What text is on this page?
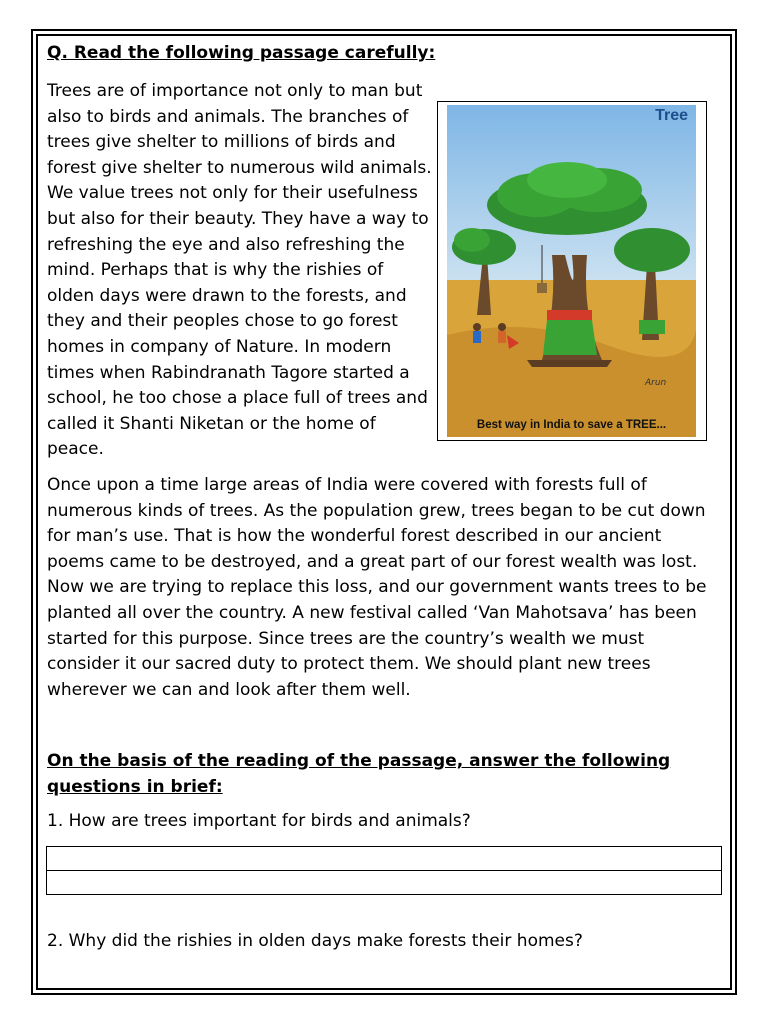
Q. Read the following passage carefully:

Trees are of importance not only to man but also to birds and animals. The branches of trees give shelter to millions of birds and forest give shelter to numerous wild animals. We value trees not only for their usefulness but also for their beauty. They have a way to refreshing the eye and also refreshing the mind. Perhaps that is why the rishies of olden days were drawn to the forests, and they and their peoples chose to go forest homes in company of Nature. In modern times when Rabindranath Tagore started a school, he too chose a place full of trees and called it Shanti Niketan or the home of peace.

Arun
Tree
Best way in India to save a TREE...

Once upon a time large areas of India were covered with forests full of numerous kinds of trees. As the population grew, trees began to be cut down for man’s use. That is how the wonderful forest described in our ancient poems came to be destroyed, and a great part of our forest wealth was lost. Now we are trying to replace this loss, and our government wants trees to be planted all over the country. A new festival called ‘Van Mahotsava’ has been started for this purpose. Since trees are the country’s wealth we must consider it our sacred duty to protect them. We should plant new trees wherever we can and look after them well.

On the basis of the reading of the passage, answer the following questions in brief:

1. How are trees important for birds and animals?

2. Why did the rishies in olden days make forests their homes?
